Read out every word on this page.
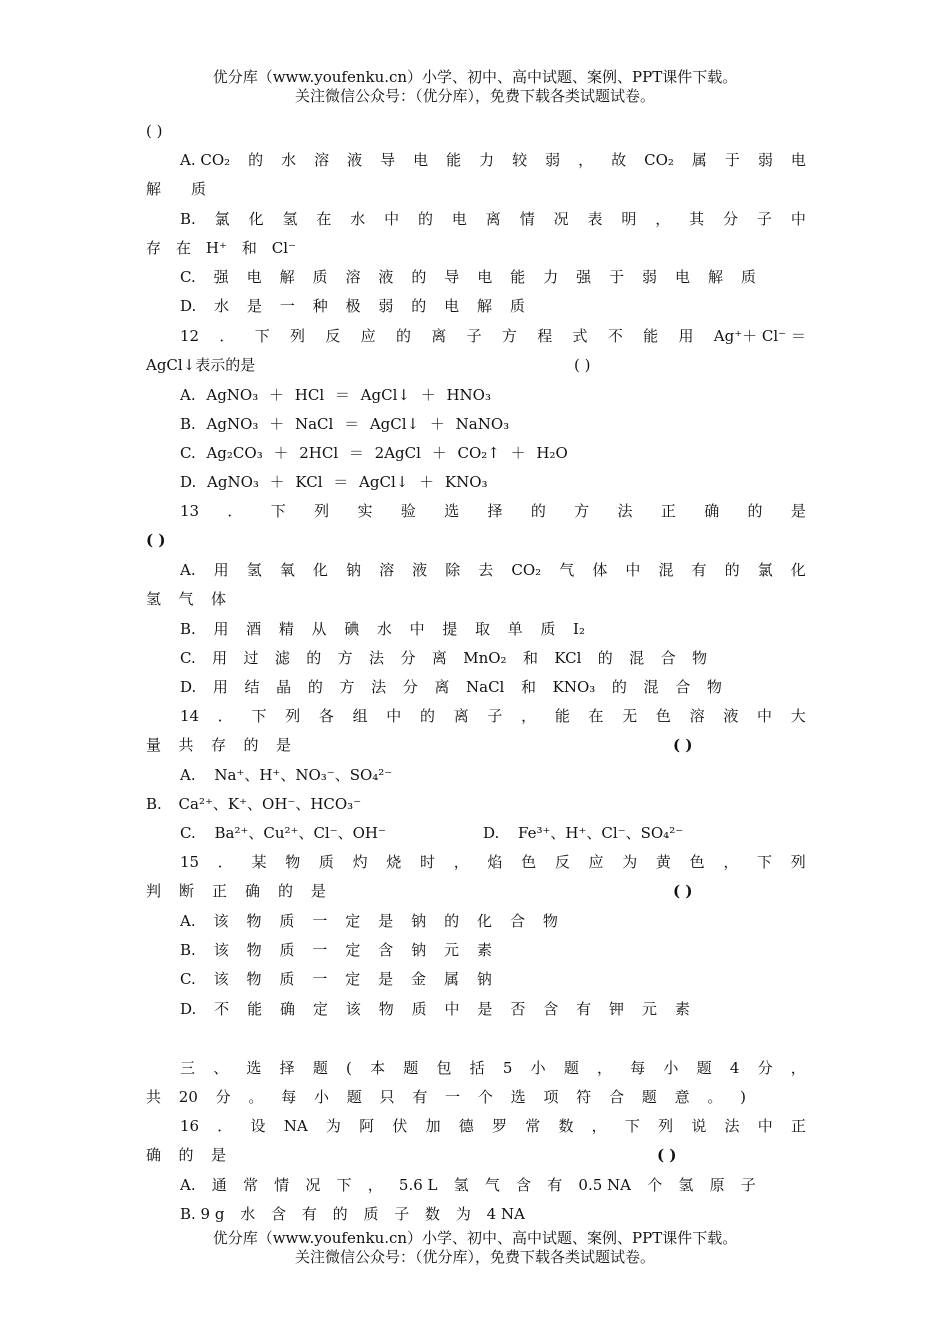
优分库（www.youfenku.cn）小学、初中、高中试题、案例、PPT课件下载。
关注微信公众号：（优分库），免费下载各类试题试卷。
( )
A. CO₂ 的 水 溶 液 导 电 能 力 较 弱 ， 故 CO₂ 属 于 弱 电
解 质
B. 氯 化 氢 在 水 中 的 电 离 情 况 表 明 ， 其 分 子 中
存 在 H⁺ 和 Cl⁻
C. 强 电 解 质 溶 液 的 导 电 能 力 强 于 弱 电 解 质
D. 水 是 一 种 极 弱 的 电 解 质
12 ． 下 列 反 应 的 离 子 方 程 式 不 能 用 Ag⁺＋ Cl⁻ ＝
AgCl↓表示的是	( )
A. AgNO₃ ＋ HCl ＝ AgCl↓ ＋ HNO₃
B. AgNO₃ ＋ NaCl ＝ AgCl↓ ＋ NaNO₃
C. Ag₂CO₃ ＋ 2HCl ＝ 2AgCl ＋ CO₂↑ ＋ H₂O
D. AgNO₃ ＋ KCl ＝ AgCl↓ ＋ KNO₃
13 ． 下 列 实 验 选 择 的 方 法 正 确 的 是
( )
A. 用 氢 氧 化 钠 溶 液 除 去 CO₂ 气 体 中 混 有 的 氯 化
氢 气 体
B. 用 酒 精 从 碘 水 中 提 取 单 质 I₂
C. 用 过 滤 的 方 法 分 离 MnO₂ 和 KCl 的 混 合 物
D. 用 结 晶 的 方 法 分 离 NaCl 和 KNO₃ 的 混 合 物
14 ． 下 列 各 组 中 的 离 子 ， 能 在 无 色 溶 液 中 大
量 共 存 的 是	( )
A. Na⁺、H⁺、NO₃⁻、SO₄²⁻
B. Ca²⁺、K⁺、OH⁻、HCO₃⁻
C. Ba²⁺、Cu²⁺、Cl⁻、OH⁻	D. Fe³⁺、H⁺、Cl⁻、SO₄²⁻
15 ． 某 物 质 灼 烧 时 ， 焰 色 反 应 为 黄 色 ， 下 列
判 断 正 确 的 是	( )
A. 该 物 质 一 定 是 钠 的 化 合 物
B. 该 物 质 一 定 含 钠 元 素
C. 该 物 质 一 定 是 金 属 钠
D. 不 能 确 定 该 物 质 中 是 否 含 有 钾 元 素
三 、 选 择 题 ( 本 题 包 括 5 小 题 ， 每 小 题 4 分 ，
共 20 分 。 每 小 题 只 有 一 个 选 项 符 合 题 意 。 )
16 ． 设 NA 为 阿 伏 加 德 罗 常 数 ， 下 列 说 法 中 正
确 的 是	( )
A. 通 常 情 况 下 ， 5.6 L 氢 气 含 有 0.5 NA 个 氢 原 子
B. 9 g 水 含 有 的 质 子 数 为 4 NA
优分库（www.youfenku.cn）小学、初中、高中试题、案例、PPT课件下载。
关注微信公众号：（优分库），免费下载各类试题试卷。
